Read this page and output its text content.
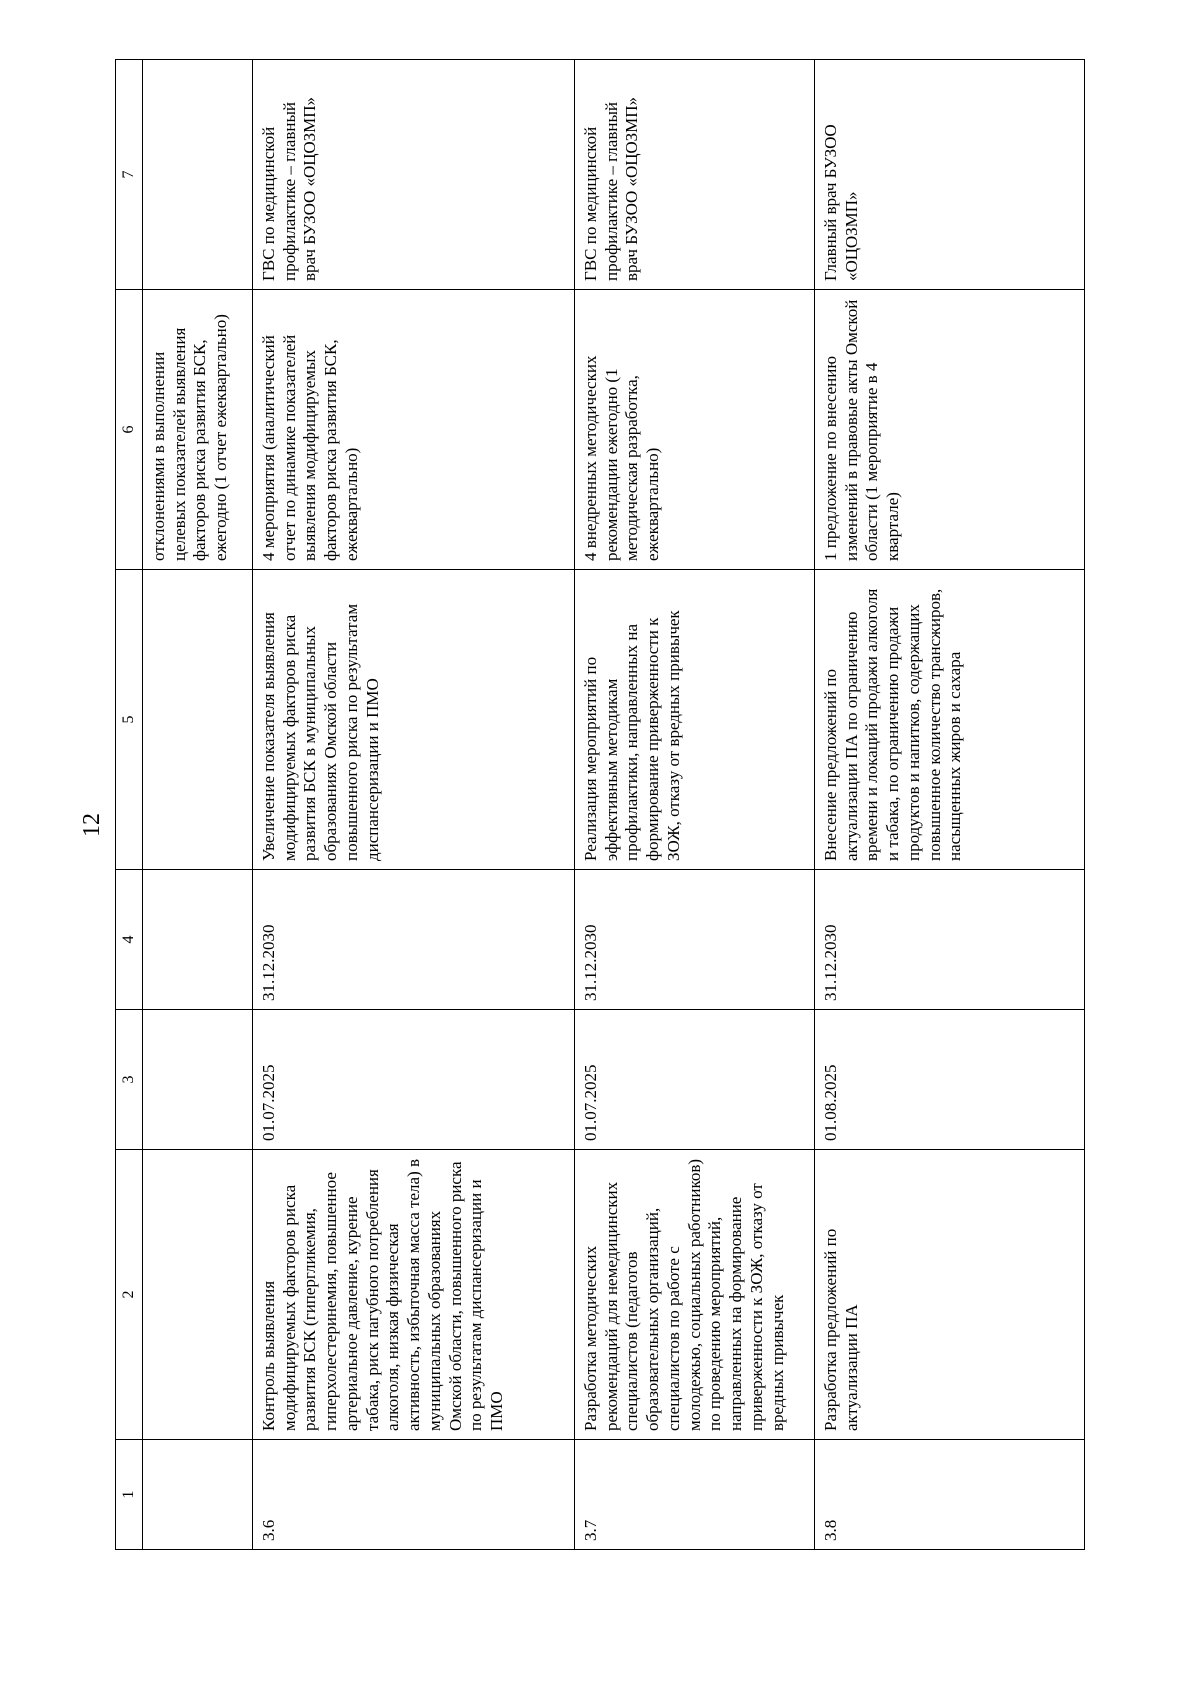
12
1	2	3	4	5	6	7
					отклонениями в выполнении целевых показателей выявления факторов риска развития БСК, ежегодно (1 отчет ежеквартально)	
3.6	Контроль выявления модифицируемых факторов риска развития БСК (гипергликемия, гиперхолестеринемия, повышенное артериальное давление, курение табака, риск пагубного потребления алкоголя, низкая физическая активность, избыточная масса тела) в муниципальных образованиях Омской области, повышенного риска по результатам диспансеризации и ПМО	01.07.2025	31.12.2030	Увеличение показателя выявления модифицируемых факторов риска развития БСК в муниципальных образованиях Омской области повышенного риска по результатам диспансеризации и ПМО	4 мероприятия (аналитический отчет по динамике показателей выявления модифицируемых факторов риска развития БСК, ежеквартально)	ГВС по медицинской профилактике – главный врач БУЗОО «ОЦОЗМП»
3.7	Разработка методических рекомендаций для немедицинских специалистов (педагогов образовательных организаций, специалистов по работе с молодежью, социальных работников) по проведению мероприятий, направленных на формирование приверженности к ЗОЖ, отказу от вредных привычек	01.07.2025	31.12.2030	Реализация мероприятий по эффективным методикам профилактики, направленных на формирование приверженности к ЗОЖ, отказу от вредных привычек	4 внедренных методических рекомендации ежегодно (1 методическая разработка, ежеквартально)	ГВС по медицинской профилактике – главный врач БУЗОО «ОЦОЗМП»
3.8	Разработка предложений по актуализации ПА	01.08.2025	31.12.2030	Внесение предложений по актуализации ПА по ограничению времени и локаций продажи алкоголя и табака, по ограничению продажи продуктов и напитков, содержащих повышенное количество трансжиров, насыщенных жиров и сахара	1 предложение по внесению изменений в правовые акты Омской области (1 мероприятие в 4 квартале)	Главный врач БУЗОО «ОЦОЗМП»
